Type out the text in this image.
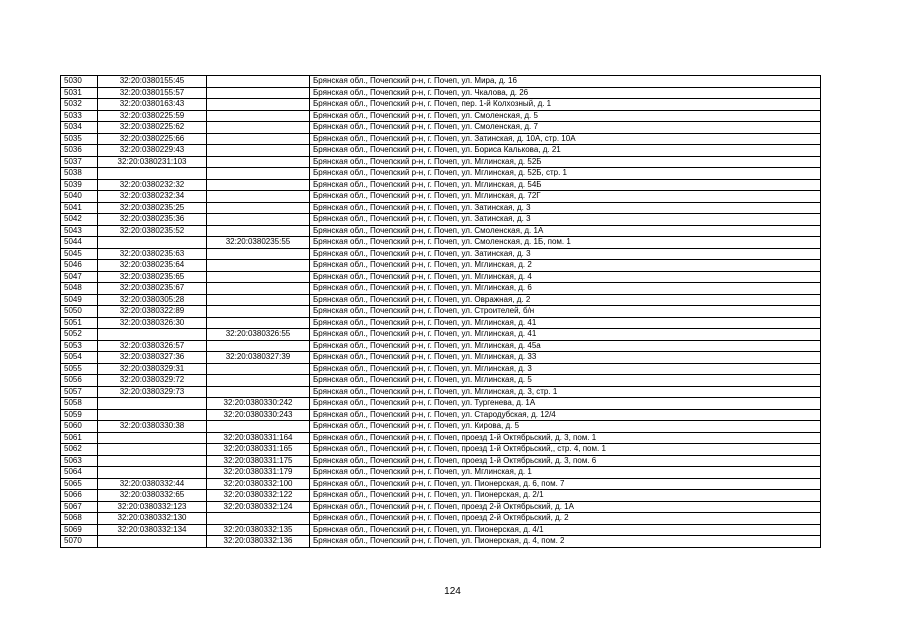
5030	32:20:0380155:45		Брянская обл., Почепский р-н, г. Почеп, ул. Мира, д. 16
5031	32:20:0380155:57		Брянская обл., Почепский р-н, г. Почеп, ул. Чкалова, д. 26
5032	32:20:0380163:43		Брянская обл., Почепский р-н, г. Почеп, пер. 1-й Колхозный, д. 1
5033	32:20:0380225:59		Брянская обл., Почепский р-н, г. Почеп, ул. Смоленская, д. 5
5034	32:20:0380225:62		Брянская обл., Почепский р-н, г. Почеп, ул. Смоленская, д. 7
5035	32:20:0380225:66		Брянская обл., Почепский р-н, г. Почеп, ул. Затинская, д. 10А, стр. 10А
5036	32:20:0380229:43		Брянская обл., Почепский р-н, г. Почеп, ул. Бориса Калькова, д. 21
5037	32:20:0380231:103		Брянская обл., Почепский р-н, г. Почеп, ул. Мглинская, д. 52Б
5038			Брянская обл., Почепский р-н, г. Почеп, ул. Мглинская, д. 52Б, стр. 1
5039	32:20:0380232:32		Брянская обл., Почепский р-н, г. Почеп, ул. Мглинская, д. 54Б
5040	32:20:0380232:34		Брянская обл., Почепский р-н, г. Почеп, ул. Мглинская, д. 72Г
5041	32:20:0380235:25		Брянская обл., Почепский р-н, г. Почеп, ул. Затинская, д. 3
5042	32:20:0380235:36		Брянская обл., Почепский р-н, г. Почеп, ул. Затинская, д. 3
5043	32:20:0380235:52		Брянская обл., Почепский р-н, г. Почеп, ул. Смоленская, д. 1А
5044		32:20:0380235:55	Брянская обл., Почепский р-н, г. Почеп, ул. Смоленская, д. 1Б, пом. 1
5045	32:20:0380235:63		Брянская обл., Почепский р-н, г. Почеп, ул. Затинская, д. 3
5046	32:20:0380235:64		Брянская обл., Почепский р-н, г. Почеп, ул. Мглинская, д. 2
5047	32:20:0380235:65		Брянская обл., Почепский р-н, г. Почеп, ул. Мглинская, д. 4
5048	32:20:0380235:67		Брянская обл., Почепский р-н, г. Почеп, ул. Мглинская, д. 6
5049	32:20:0380305:28		Брянская обл., Почепский р-н, г. Почеп, ул. Овражная, д. 2
5050	32:20:0380322:89		Брянская обл., Почепский р-н, г. Почеп, ул. Строителей, б/н
5051	32:20:0380326:30		Брянская обл., Почепский р-н, г. Почеп, ул. Мглинская, д. 41
5052		32:20:0380326:55	Брянская обл., Почепский р-н, г. Почеп, ул. Мглинская, д. 41
5053	32:20:0380326:57		Брянская обл., Почепский р-н, г. Почеп, ул. Мглинская, д. 45а
5054	32:20:0380327:36	32:20:0380327:39	Брянская обл., Почепский р-н, г. Почеп, ул. Мглинская, д. 33
5055	32:20:0380329:31		Брянская обл., Почепский р-н, г. Почеп, ул. Мглинская, д. 3
5056	32:20:0380329:72		Брянская обл., Почепский р-н, г. Почеп, ул. Мглинская, д. 5
5057	32:20:0380329:73		Брянская обл., Почепский р-н, г. Почеп, ул. Мглинская, д. 3, стр. 1
5058		32:20:0380330:242	Брянская обл., Почепский р-н, г. Почеп, ул. Тургенева, д. 1А
5059		32:20:0380330:243	Брянская обл., Почепский р-н, г. Почеп, ул. Стародубская, д. 12/4
5060	32:20:0380330:38		Брянская обл., Почепский р-н, г. Почеп, ул. Кирова, д. 5
5061		32:20:0380331:164	Брянская обл., Почепский р-н, г. Почеп, проезд 1-й Октябрьский, д. 3, пом. 1
5062		32:20:0380331:165	Брянская обл., Почепский р-н, г. Почеп, проезд 1-й Октябрьский,, стр. 4, пом. 1
5063		32:20:0380331:175	Брянская обл., Почепский р-н, г. Почеп, проезд 1-й Октябрьский, д. 3, пом. 6
5064		32:20:0380331:179	Брянская обл., Почепский р-н, г. Почеп, ул. Мглинская, д. 1
5065	32:20:0380332:44	32:20:0380332:100	Брянская обл., Почепский р-н, г. Почеп, ул. Пионерская, д. 6, пом. 7
5066	32:20:0380332:65	32:20:0380332:122	Брянская обл., Почепский р-н, г. Почеп, ул. Пионерская, д. 2/1
5067	32:20:0380332:123	32:20:0380332:124	Брянская обл., Почепский р-н, г. Почеп, проезд 2-й Октябрьский, д. 1А
5068	32:20:0380332:130		Брянская обл., Почепский р-н, г. Почеп, проезд 2-й Октябрьский, д. 2
5069	32:20:0380332:134	32:20:0380332:135	Брянская обл., Почепский р-н, г. Почеп, ул. Пионерская, д. 4/1
5070		32:20:0380332:136	Брянская обл., Почепский р-н, г. Почеп, ул. Пионерская, д. 4, пом. 2
124
